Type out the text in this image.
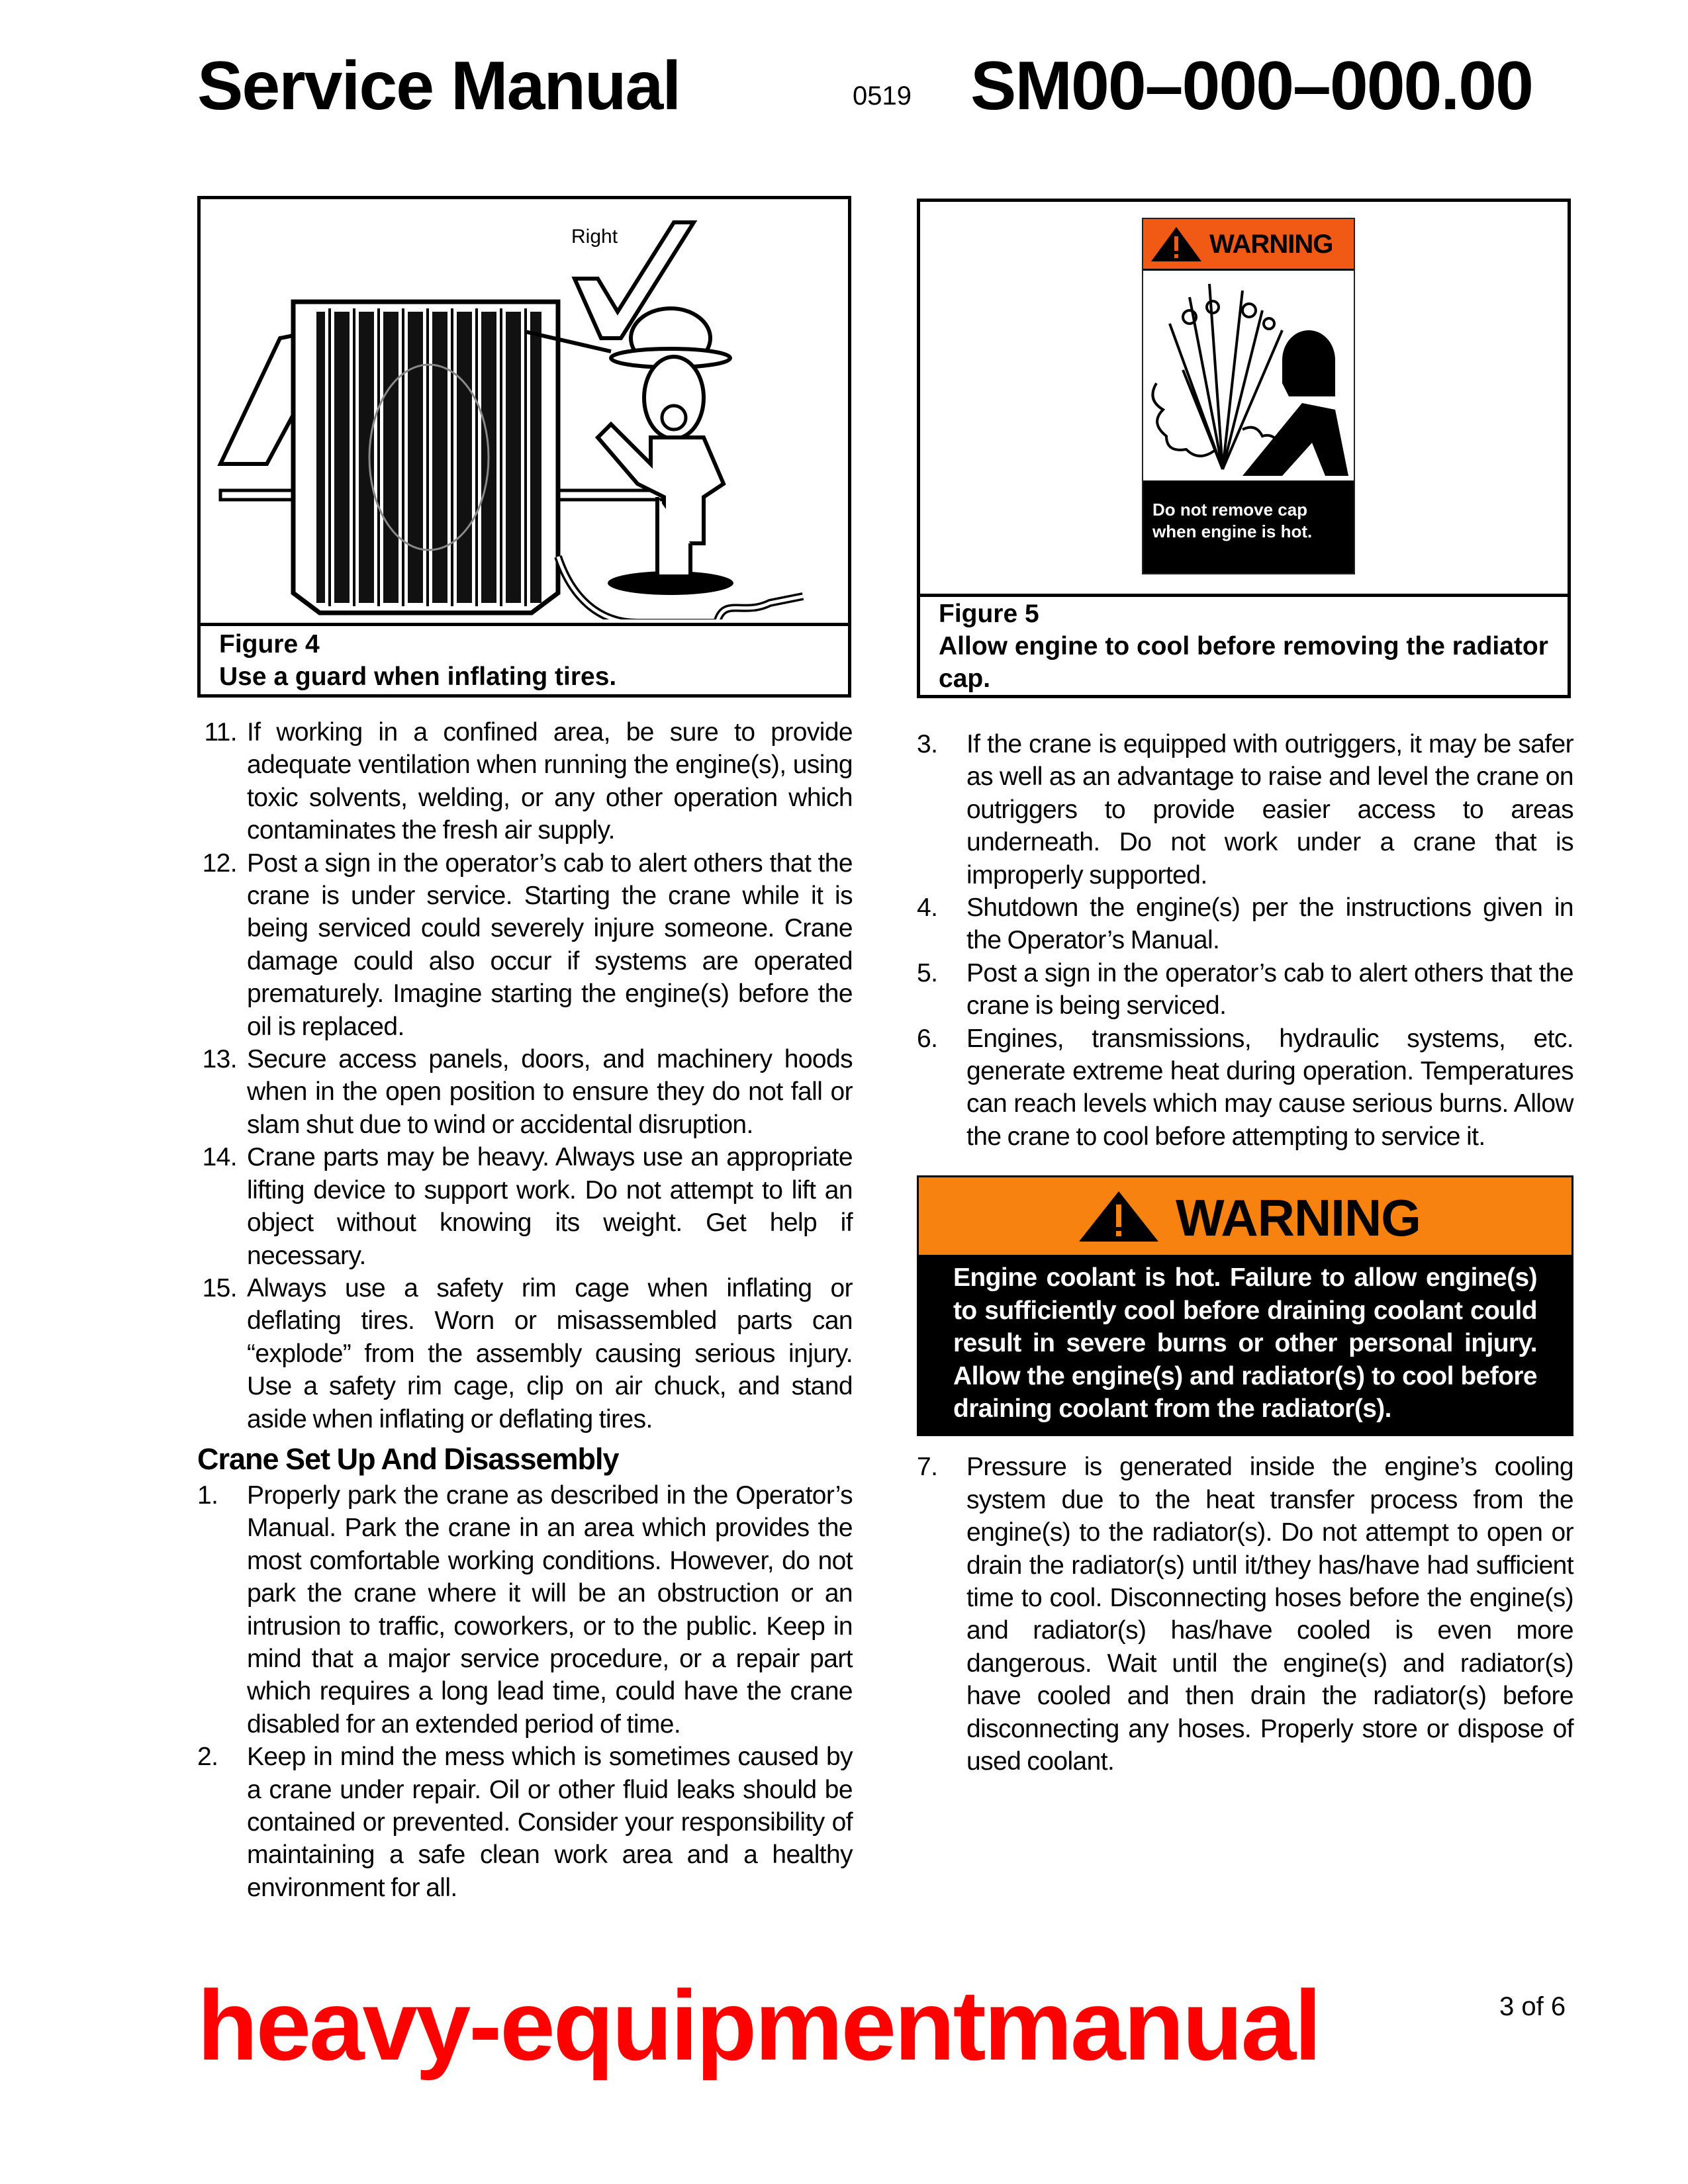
Service Manual	0519 SM00–000–000.00
Right
Figure 4
Use a guard when inflating tires.
WARNING
Do not remove cap
when engine is hot.
Figure 5
Allow engine to cool before removing the radiator cap.
11. If working in a confined area, be sure to provide adequate ventilation when running the engine(s), using toxic solvents, welding, or any other operation which contaminates the fresh air supply.
12. Post a sign in the operator’s cab to alert others that the crane is under service. Starting the crane while it is being serviced could severely injure someone. Crane damage could also occur if systems are operated prematurely. Imagine starting the engine(s) before the oil is replaced.
13. Secure access panels, doors, and machinery hoods when in the open position to ensure they do not fall or slam shut due to wind or accidental disruption.
14. Crane parts may be heavy. Always use an appropriate lifting device to support work. Do not attempt to lift an object without knowing its weight. Get help if necessary.
15. Always use a safety rim cage when inflating or deflating tires. Worn or misassembled parts can “explode” from the assembly causing serious injury. Use a safety rim cage, clip on air chuck, and stand aside when inflating or deflating tires.
Crane Set Up And Disassembly
1.	Properly park the crane as described in the Operator’s Manual. Park the crane in an area which provides the most comfortable working conditions. However, do not park the crane where it will be an obstruction or an intrusion to traffic, coworkers, or to the public. Keep in mind that a major service procedure, or a repair part which requires a long lead time, could have the crane disabled for an extended period of time.
2.	Keep in mind the mess which is sometimes caused by a crane under repair. Oil or other fluid leaks should be contained or prevented. Consider your responsibility of maintaining a safe clean work area and a healthy environment for all.
3.	If the crane is equipped with outriggers, it may be safer as well as an advantage to raise and level the crane on outriggers to provide easier access to areas underneath. Do not work under a crane that is improperly supported.
4.	Shutdown the engine(s) per the instructions given in the Operator’s Manual.
5.	Post a sign in the operator’s cab to alert others that the crane is being serviced.
6.	Engines, transmissions, hydraulic systems, etc. generate extreme heat during operation. Temperatures can reach levels which may cause serious burns. Allow the crane to cool before attempting to service it.
WARNING
Engine coolant is hot. Failure to allow engine(s) to sufficiently cool before draining coolant could result in severe burns or other personal injury. Allow the engine(s) and radiator(s) to cool before draining coolant from the radiator(s).
7.	Pressure is generated inside the engine’s cooling system due to the heat transfer process from the engine(s) to the radiator(s). Do not attempt to open or drain the radiator(s) until it/they has/have had sufficient time to cool. Disconnecting hoses before the engine(s) and radiator(s) has/have cooled is even more dangerous. Wait until the engine(s) and radiator(s) have cooled and then drain the radiator(s) before disconnecting any hoses. Properly store or dispose of used coolant.
heavy-equipmentmanual	3 of 6
